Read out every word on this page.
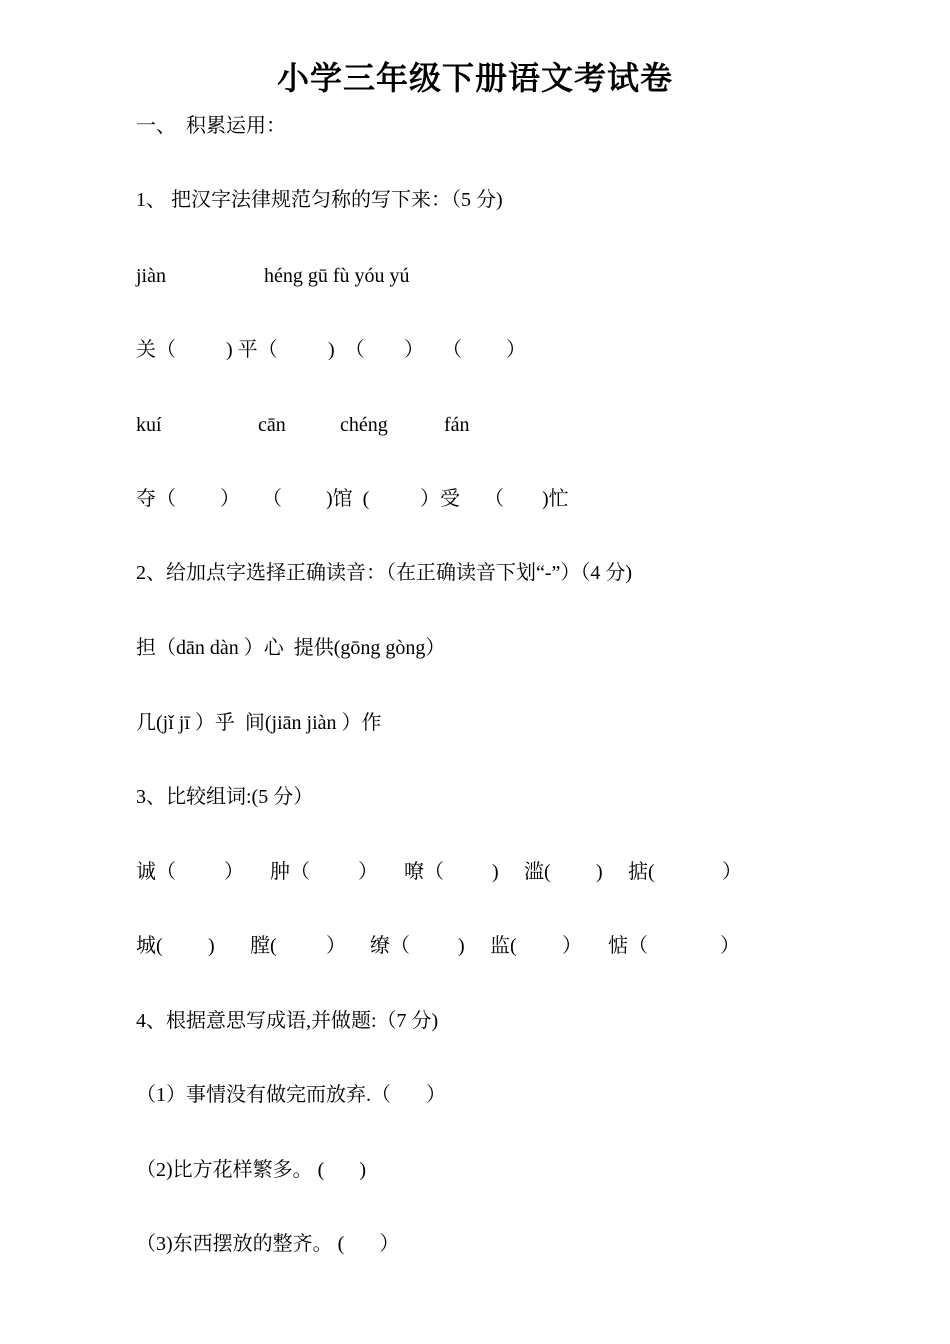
小学三年级下册语文考试卷

一、  积累运用：

1、 把汉字法律规范匀称的写下来：（5 分)

jiàn	héng gū fù yóu yú
关（	) 平（	)  （ ） （ ）
kuí	cān	chéng	fán
夺（ ） （ )馆  (	）受 （ )忙

2、给加点字选择正确读音：（在正确读音下划“-”）（4 分)

担（dān dàn ）心  提供(gōng gòng）

几(jǐ jī ）乎  间(jiān jiàn ）作

3、比较组词:(5 分）

诚（ ） 肿（ ） 嘹（ ) 滥( ) 掂(	）
城( ) 膛( ） 缭（ ) 监( ） 惦（	）

4、根据意思写成语,并做题:（7 分)

（1）事情没有做完而放弃.（       ）

（2)比方花样繁多。 (       )

（3)东西摆放的整齐。 (       ）
